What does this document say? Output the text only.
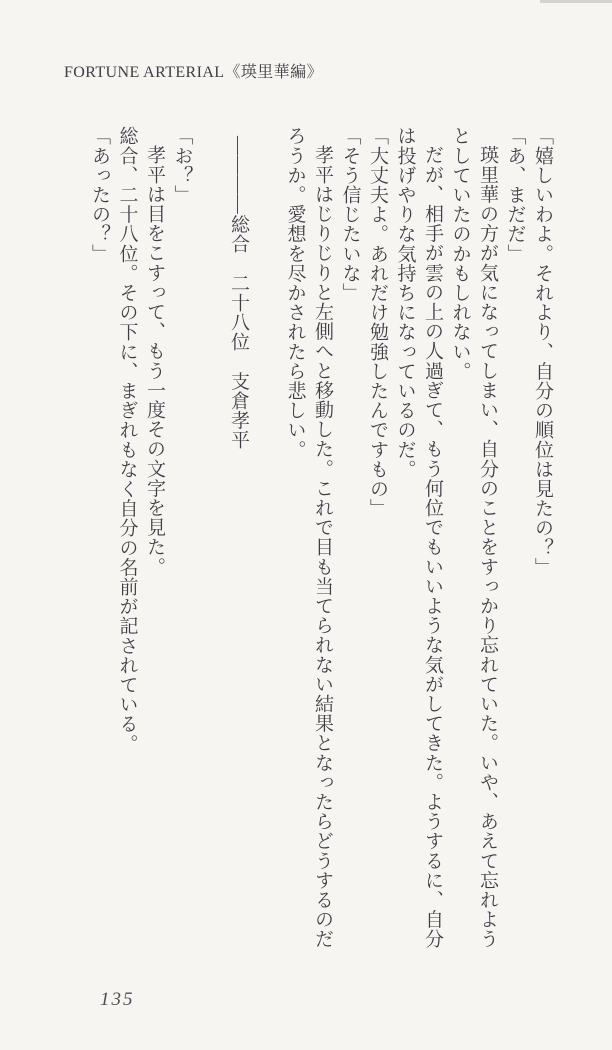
FORTUNE ARTERIAL《瑛里華編》

「嬉しいわよ。それより、自分の順位は見たの？」

「あ、まだだ」

瑛里華の方が気になってしまい、自分のことをすっかり忘れていた。いや、あえて忘れようとしていたのかもしれない。

だが、相手が雲の上の人過ぎて、もう何位でもいいような気がしてきた。ようするに、自分は投げやりな気持ちになっているのだ。

「大丈夫よ。あれだけ勉強したんですもの」

「そう信じたいな」

孝平はじりじりと左側へと移動した。これで目も当てられない結果となったらどうするのだろうか。愛想を尽かされたら悲しい。

――――総合　二十八位　支倉孝平

「お？」

孝平は目をこすって、もう一度その文字を見た。

総合、二十八位。その下に、まぎれもなく自分の名前が記されている。

「あったの？」

135
